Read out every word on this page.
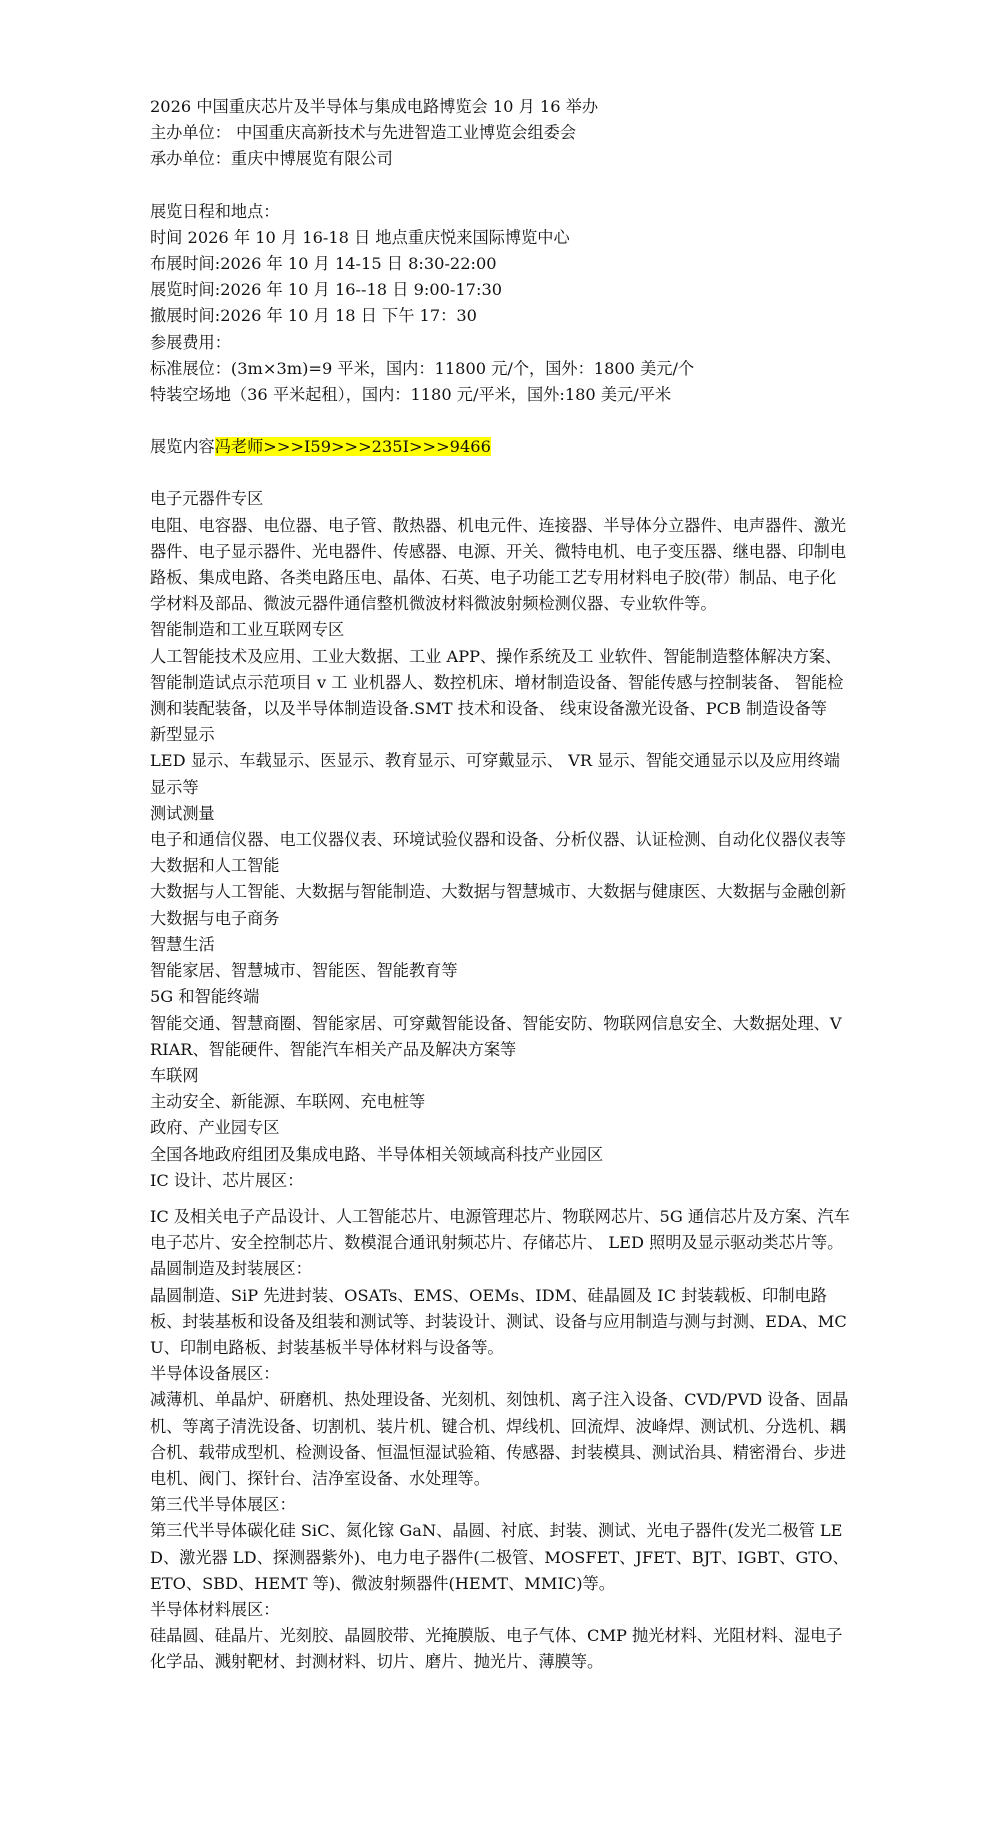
2026 中国重庆芯片及半导体与集成电路博览会 10 月 16 举办
主办单位： 中国重庆高新技术与先进智造工业博览会组委会
承办单位：重庆中博展览有限公司
展览日程和地点：
时间 2026 年 10 月 16-18 日 地点重庆悦来国际博览中心
布展时间:2026 年 10 月 14-15 日 8:30-22:00
展览时间:2026 年 10 月 16--18 日 9:00-17:30
撤展时间:2026 年 10 月 18 日 下午 17：30
参展费用：
标准展位：(3m×3m)=9 平米，国内：11800 元/个，国外：1800 美元/个
特装空场地（36 平米起租），国内：1180 元/平米，国外:180 美元/平米
展览内容冯老师>>>I59>>>235I>>>9466
电子元器件专区
电阻、电容器、电位器、电子管、散热器、机电元件、连接器、半导体分立器件、电声器件、激光器件、电子显示器件、光电器件、传感器、电源、开关、微特电机、电子变压器、继电器、印制电路板、集成电路、各类电路压电、晶体、石英、电子功能工艺专用材料电子胶(带）制品、电子化学材料及部品、微波元器件通信整机微波材料微波射频检测仪器、专业软件等。
智能制造和工业互联网专区
人工智能技术及应用、工业大数据、工业 APP、操作系统及工 业软件、智能制造整体解决方案、智能制造试点示范项目 v 工 业机器人、数控机床、增材制造设备、智能传感与控制装备、 智能检测和装配装备，以及半导体制造设备.SMT 技术和设备、 线束设备激光设备、PCB 制造设备等
新型显示
LED 显示、车载显示、医显示、教育显示、可穿戴显示、 VR 显示、智能交通显示以及应用终端显示等
测试测量
电子和通信仪器、电工仪器仪表、环境试验仪器和设备、分析仪器、认证检测、自动化仪器仪表等
大数据和人工智能
大数据与人工智能、大数据与智能制造、大数据与智慧城市、大数据与健康医、大数据与金融创新大数据与电子商务
智慧生活
智能家居、智慧城市、智能医、智能教育等
5G 和智能终端
智能交通、智慧商圈、智能家居、可穿戴智能设备、智能安防、物联网信息安全、大数据处理、VRIAR、智能硬件、智能汽车相关产品及解决方案等
车联网
主动安全、新能源、车联网、充电桩等
政府、产业园专区
全国各地政府组团及集成电路、半导体相关领域高科技产业园区
IC 设计、芯片展区：
IC 及相关电子产品设计、人工智能芯片、电源管理芯片、物联网芯片、5G 通信芯片及方案、汽车电子芯片、安全控制芯片、数模混合通讯射频芯片、存储芯片、 LED 照明及显示驱动类芯片等。
晶圆制造及封装展区：
晶圆制造、SiP 先进封装、OSATs、EMS、OEMs、IDM、硅晶圆及 IC 封装载板、印制电路板、封装基板和设备及组装和测试等、封装设计、测试、设备与应用制造与测与封测、EDA、MCU、印制电路板、封装基板半导体材料与设备等。
半导体设备展区：
减薄机、单晶炉、研磨机、热处理设备、光刻机、刻蚀机、离子注入设备、CVD/PVD 设备、固晶机、等离子清洗设备、切割机、装片机、键合机、焊线机、回流焊、波峰焊、测试机、分选机、耦合机、载带成型机、检测设备、恒温恒湿试验箱、传感器、封装模具、测试治具、精密滑台、步进电机、阀门、探针台、洁净室设备、水处理等。
第三代半导体展区：
第三代半导体碳化硅 SiC、氮化镓 GaN、晶圆、衬底、封装、测试、光电子器件(发光二极管 LED、激光器 LD、探测器紫外)、电力电子器件(二极管、MOSFET、JFET、BJT、IGBT、GTO、ETO、SBD、HEMT 等)、微波射频器件(HEMT、MMIC)等。
半导体材料展区：
硅晶圆、硅晶片、光刻胶、晶圆胶带、光掩膜版、电子气体、CMP 抛光材料、光阻材料、湿电子化学品、溅射靶材、封测材料、切片、磨片、抛光片、薄膜等。
